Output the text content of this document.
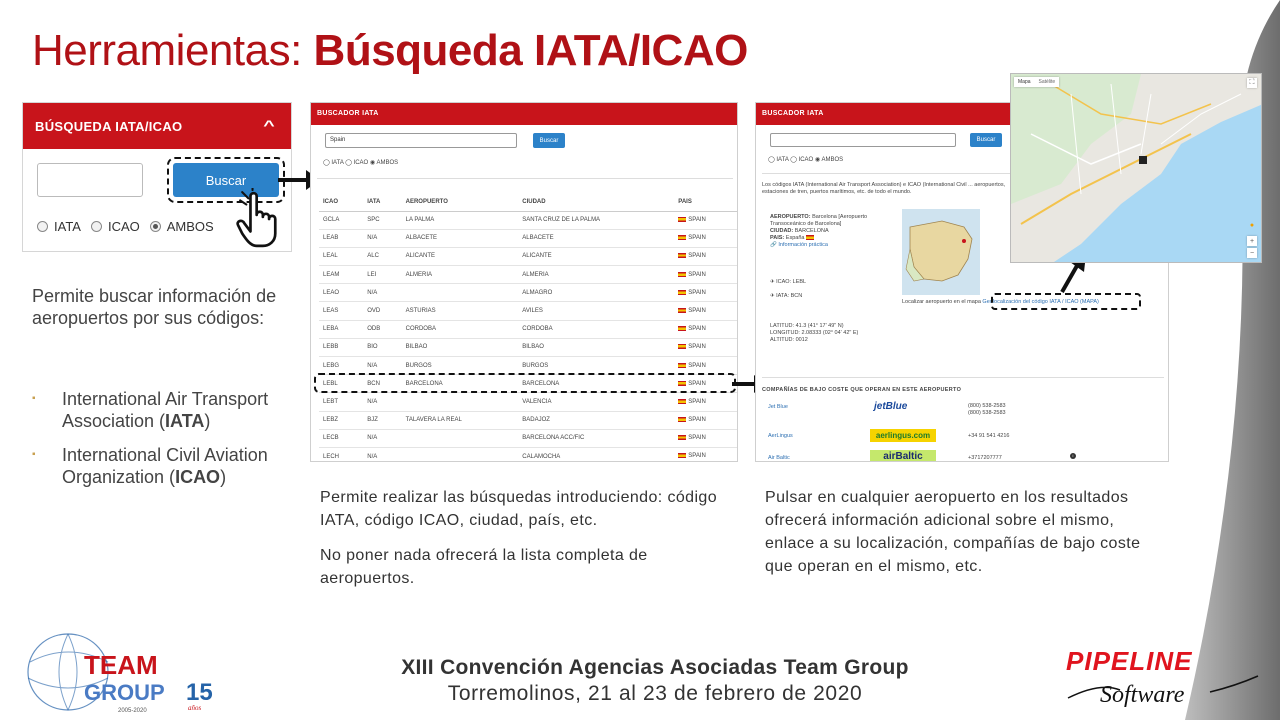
Herramientas: Búsqueda IATA/ICAO
BÚSQUEDA IATA/ICAO	^
Buscar
IATA ICAO AMBOS
Permite buscar información de aeropuertos por sus códigos:
▪ International Air Transport Association (IATA)
▪ International Civil Aviation Organization (ICAO)
BUSCADOR IATA
Spain	Buscar
◯ IATA ◯ ICAO ◉ AMBOS
ICAO	IATA	AEROPUERTO	CIUDAD	PAIS
GCLA	SPC	LA PALMA	SANTA CRUZ DE LA PALMA	SPAIN
LEAB	N/A	ALBACETE	ALBACETE	SPAIN
LEAL	ALC	ALICANTE	ALICANTE	SPAIN
LEAM	LEI	ALMERIA	ALMERIA	SPAIN
LEAO	N/A		ALMAGRO	SPAIN
LEAS	OVD	ASTURIAS	AVILES	SPAIN
LEBA	ODB	CORDOBA	CORDOBA	SPAIN
LEBB	BIO	BILBAO	BILBAO	SPAIN
LEBG	N/A	BURGOS	BURGOS	SPAIN
LEBL	BCN	BARCELONA	BARCELONA	SPAIN
LEBT	N/A		VALENCIA	SPAIN
LEBZ	BJZ	TALAVERA LA REAL	BADAJOZ	SPAIN
LECB	N/A		BARCELONA ACC/FIC	SPAIN
LECH	N/A		CALAMOCHA	SPAIN

Permite realizar las búsquedas introduciendo: código IATA, código ICAO, ciudad, país, etc.

No poner nada ofrecerá la lista completa de aeropuertos.

BUSCADOR IATA
Buscar
◯ IATA ◯ ICAO ◉ AMBOS
Los códigos IATA (International Air Transport Association) e ICAO (International Civil ... aeropuertos, estaciones de tren, puertos marítimos, etc. de todo el mundo.
AEROPUERTO: Barcelona [Aeropuerto Transoceánico de Barcelona]
CIUDAD: BARCELONA
PAIS: España
🔗 Información práctica
✈ ICAO: LEBL

✈ IATA: BCN
Localizar aeropuerto en el mapa Geolocalización del código IATA / ICAO (MAPA)
LATITUD: 41.3 (41° 17' 49" N)
LONGITUD: 2.08333 (02° 04' 42" E)
ALTITUD: 0012
COMPAÑÍAS DE BAJO COSTE QUE OPERAN EN ESTE AEROPUERTO
Jet Blue	jetBlue	(800) 538-2583 (800) 538-2583
AerLingus	aerlingus.com	+34 91 541 4216
Air Baltic	airBaltic	+3717207777	i
Mapa	Satélite	⛶
●
+
−
Pulsar en cualquier aeropuerto en los resultados ofrecerá información adicional sobre el mismo, enlace a su localización, compañías de bajo coste que operan en el mismo, etc.
XIII Convención Agencias Asociadas Team Group
Torremolinos, 21 al 23 de febrero de 2020
TEAM
GROUP 15
años
2005-2020
PIPELINE
Software
